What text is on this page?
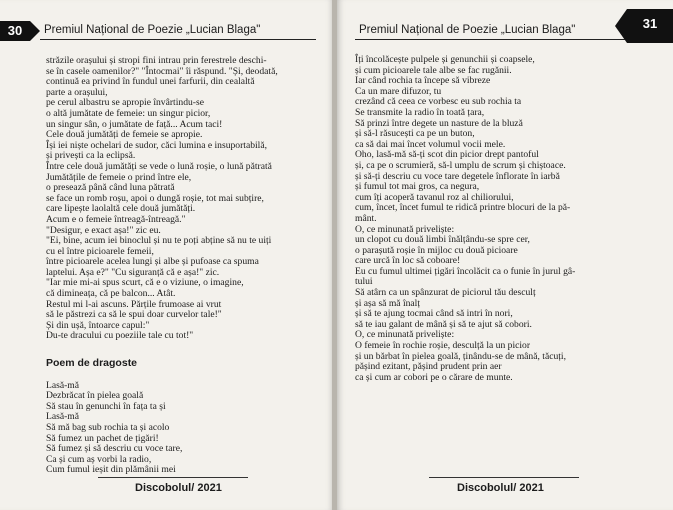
30	Premiul Național de Poezie „Lucian Blaga"
străzile orașului și stropi fini intrau prin ferestrele deschi-
se în casele oamenilor?" "Întocmai" îi răspund. "Și, deodată,
continuă ea privind în fundul unei farfurii, din cealaltă
parte a orașului,
pe cerul albastru se apropie învârtindu-se
o altă jumătate de femeie: un singur picior,
un singur sân, o jumătate de față... Acum taci!
Cele două jumătăți de femeie se apropie.
Își iei niște ochelari de sudor, căci lumina e insuportabilă,
și privești ca la eclipsă.
Între cele două jumătăți se vede o lună roșie, o lună pătrată
Jumătățile de femeie o prind între ele,
o presează până când luna pătrată
se face un romb roșu, apoi o dungă roșie, tot mai subțire,
care lipește laolaltă cele două jumătăți.
Acum e o femeie întreagă-întreagă."
"Desigur, e exact așa!" zic eu.
"Ei, bine, acum iei binoclul și nu te poți abține să nu te uiți
cu el între picioarele femeii,
între picioarele acelea lungi și albe și pufoase ca spuma
laptelui. Așa e?" "Cu siguranță că e așa!" zic.
"Iar mie mi-ai spus scurt, că e o viziune, o imagine,
că dimineața, că pe balcon... Atât.
Restul mi l-ai ascuns. Părțile frumoase ai vrut
să le păstrezi ca să le spui doar curvelor tale!"
Și din ușă, întoarce capul:"
Du-te dracului cu poeziile tale cu tot!"
Poem de dragoste
Lasă-mă
Dezbrăcat în pielea goală
Să stau în genunchi în fața ta și
Lasă-mă
Să mă bag sub rochia ta și acolo
Să fumez un pachet de țigări!
Să fumez și să descriu cu voce tare,
Ca și cum aș vorbi la radio,
Cum fumul ieșit din plămânii mei
Discobolul/ 2021
31
Premiul Național de Poezie „Lucian Blaga"
Îți încolăcește pulpele și genunchii și coapsele,
și cum picioarele tale albe se fac rugănii.
Iar când rochia ta începe să vibreze
Ca un mare difuzor, tu
crezând că ceea ce vorbesc eu sub rochia ta
Se transmite la radio în toată țara,
Să prinzi între degete un nasture de la bluză
și să-l răsucești ca pe un buton,
ca să dai mai încet volumul vocii mele.
Oho, lasă-mă să-ți scot din picior drept pantoful
și, ca pe o scrumieră, să-l umplu de scrum și chiștoace.
și să-ți descriu cu voce tare degetele înflorate în iarbă
și fumul tot mai gros, ca negura,
cum îți acoperă tavanul roz al chiliorului,
cum, încet, încet fumul te ridică printre blocuri de la pă-
mânt.
O, ce minunată priveliște:
un clopot cu două limbi înălțându-se spre cer,
o parașută roșie în mijloc cu două picioare
care urcă în loc să coboare!
Eu cu fumul ultimei țigări încolăcit ca o funie în jurul gâ-
tului
Să atârn ca un spânzurat de piciorul tău desculț
și așa să mă înalț
și să te ajung tocmai când să intri în nori,
să te iau galant de mână și să te ajut să cobori.
O, ce minunată priveliște:
O femeie în rochie roșie, desculță la un picior
și un bărbat în pielea goală, ținându-se de mână, tăcuți,
pășind ezitant, pășind prudent prin aer
ca și cum ar cobori pe o cărare de munte.
Discobolul/ 2021
